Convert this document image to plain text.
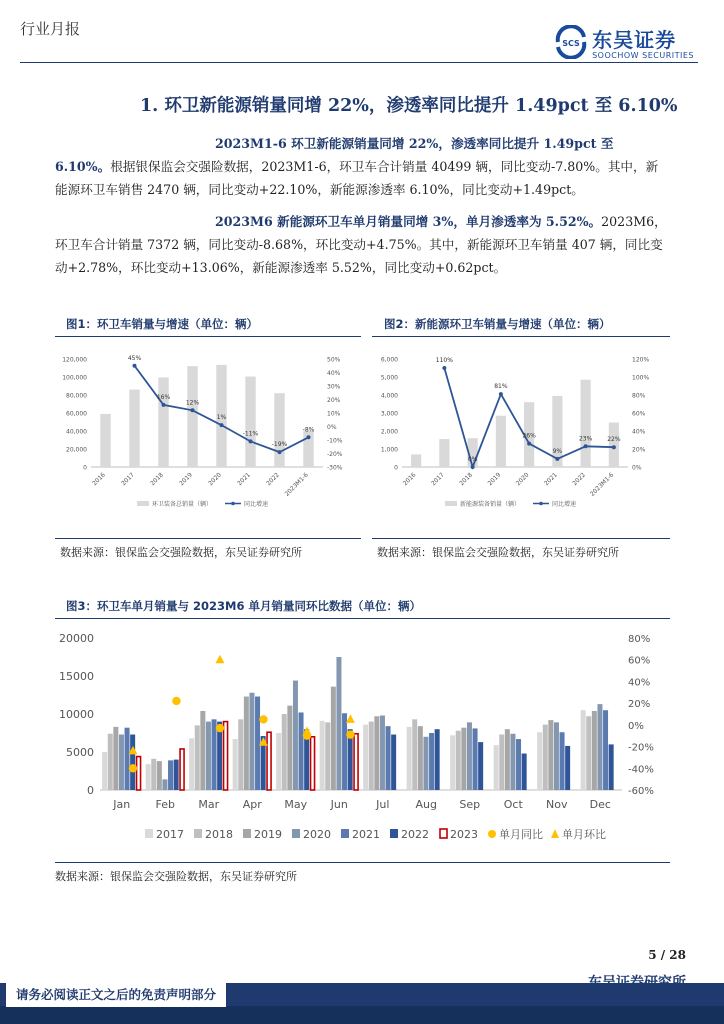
行业月报
SCS 东吴证券
SOOCHOW SECURITIES
1. 环卫新能源销量同增 22%，渗透率同比提升 1.49pct 至 6.10%
2023M1-6 环卫新能源销量同增 22%，渗透率同比提升 1.49pct 至 6.10%。根据银保监会交强险数据，2023M1-6，环卫车合计销量 40499 辆，同比变动-7.80%。其中，新能源环卫车销售 2470 辆，同比变动+22.10%，新能源渗透率 6.10%，同比变动+1.49pct。
2023M6 新能源环卫车单月销量同增 3%，单月渗透率为 5.52%。2023M6，环卫车合计销量 7372 辆，同比变动-8.68%，环比变动+4.75%。其中，新能源环卫车销量 407 辆，同比变动+2.78%，环比变动+13.06%，新能源渗透率 5.52%，同比变动+0.62pct。
图1：环卫车销量与增速（单位：辆）
0
20,000
40,000
60,000
80,000
100,000
120,000
-30%
-20%
-10%
0%
10%
20%
30%
40%
50%
2016 2017 2018 2019 2020 2021 2022 2023M1-6
45%
16%
12%
1%
-11%
-19%
-8%
环卫装备总销量（辆）	同比增速
数据来源：银保监会交强险数据，东吴证券研究所
图2：新能源环卫车销量与增速（单位：辆）
0
1,000
2,000
3,000
4,000
5,000
6,000
0%
20%
40%
60%
80%
100%
120%
2016 2017 2018 2019 2020 2021 2022 2023M1-6
110%
0%
81%
26%
9%
23% 22%
新能源装备销量（辆）	同比增速
数据来源：银保监会交强险数据，东吴证券研究所
图3：环卫车单月销量与 2023M6 单月销量同环比数据（单位：辆）
0
5000
10000
15000
20000
-60%
-40%
-20%
0%
20%
40%
60%
80%
Jan Feb Mar Apr May Jun	Jul Aug Sep Oct Nov Dec
2017 2018 2019 2020 2021 2022 2023 单月同比 单月环比
数据来源：银保监会交强险数据，东吴证券研究所
5 / 28
请务必阅读正文之后的免责声明部分
